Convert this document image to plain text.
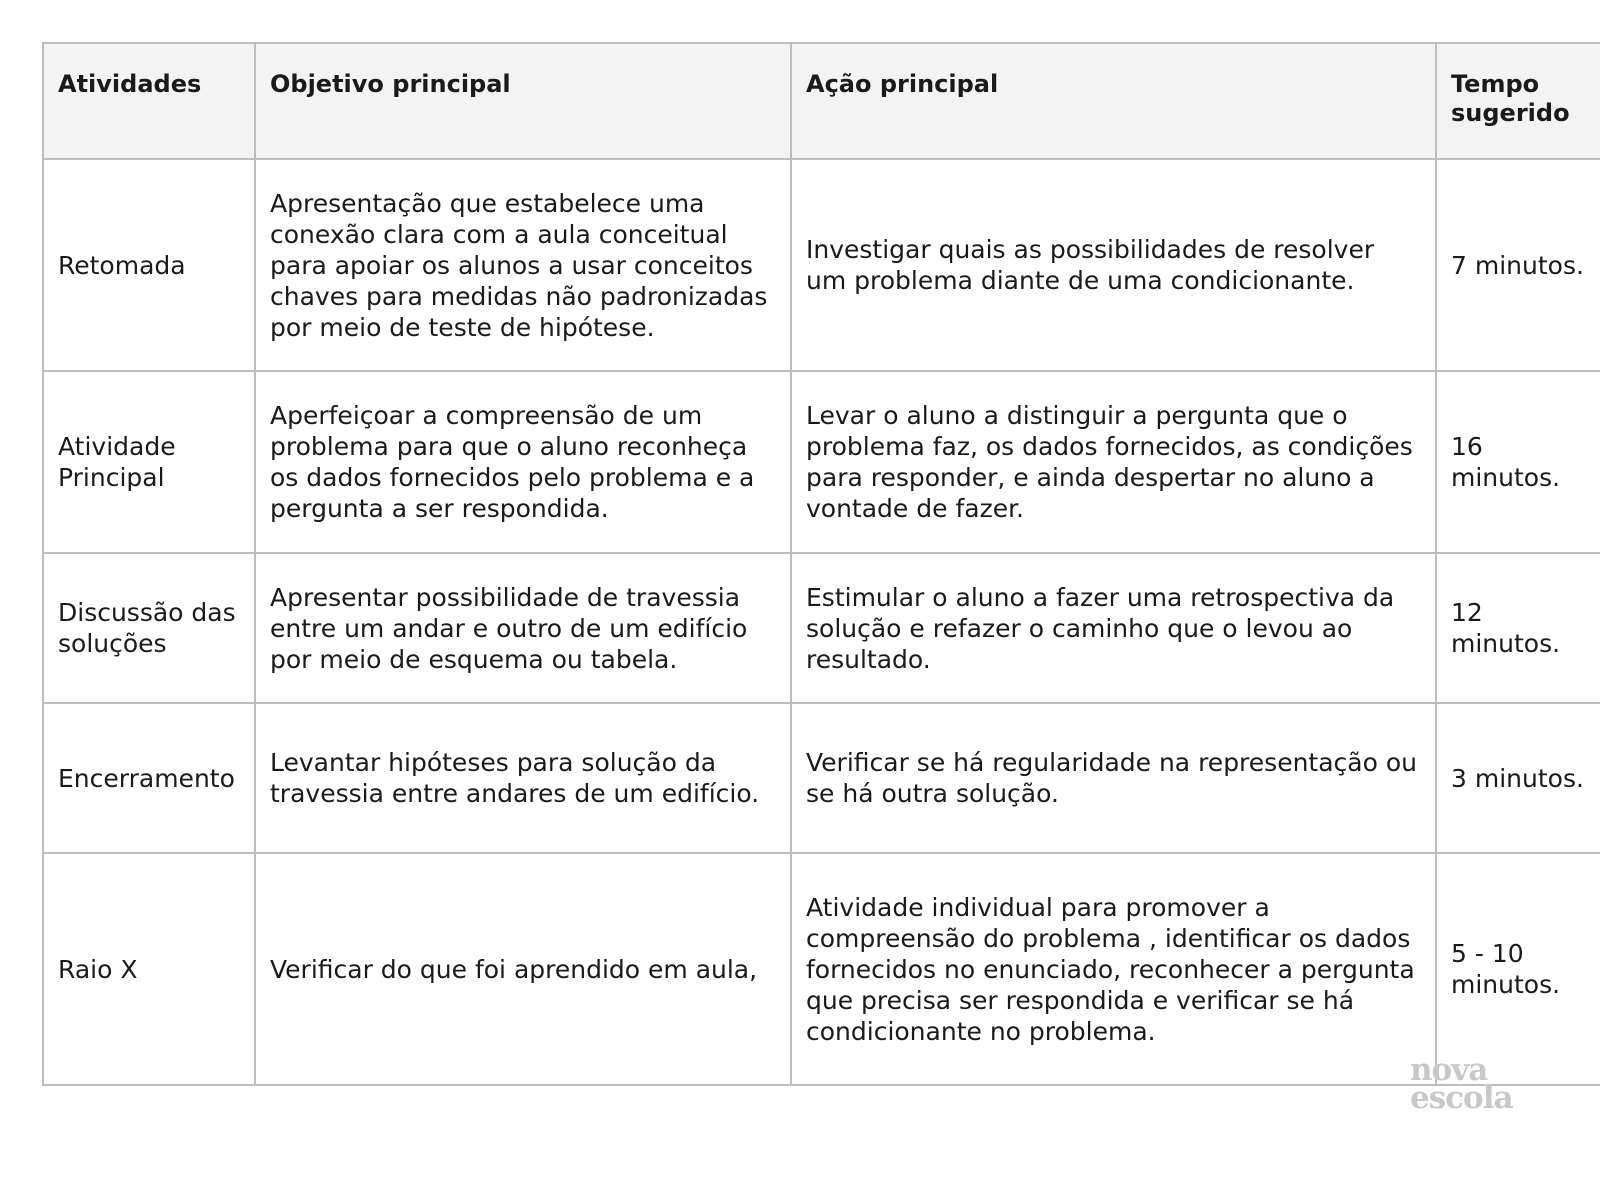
Atividades	Objetivo principal	Ação principal	Tempo sugerido
Retomada	Apresentação que estabelece uma conexão clara com a aula conceitual para apoiar os alunos a usar conceitos chaves para medidas não padronizadas por meio de teste de hipótese.	Investigar quais as possibilidades de resolver um problema diante de uma condicionante.	7 minutos.
Atividade Principal	Aperfeiçoar a compreensão de um problema para que o aluno reconheça os dados fornecidos pelo problema e a pergunta a ser respondida.	Levar o aluno a distinguir a pergunta que o problema faz, os dados fornecidos, as condições para responder, e ainda despertar no aluno a vontade de fazer.	16 minutos.
Discussão das soluções	Apresentar possibilidade de travessia entre um andar e outro de um edifício por meio de esquema ou tabela.	Estimular o aluno a fazer uma retrospectiva da solução e refazer o caminho que o levou ao resultado.	12 minutos.
Encerramento	Levantar hipóteses para solução da travessia entre andares de um edifício.	Verificar se há regularidade na representação ou se há outra solução.	3 minutos.
Raio X	Verificar do que foi aprendido em aula,	Atividade individual para promover a compreensão do problema , identificar os dados fornecidos no enunciado, reconhecer a pergunta que precisa ser respondida e verificar se há condicionante no problema.	5 - 10 minutos.
nova
escola
